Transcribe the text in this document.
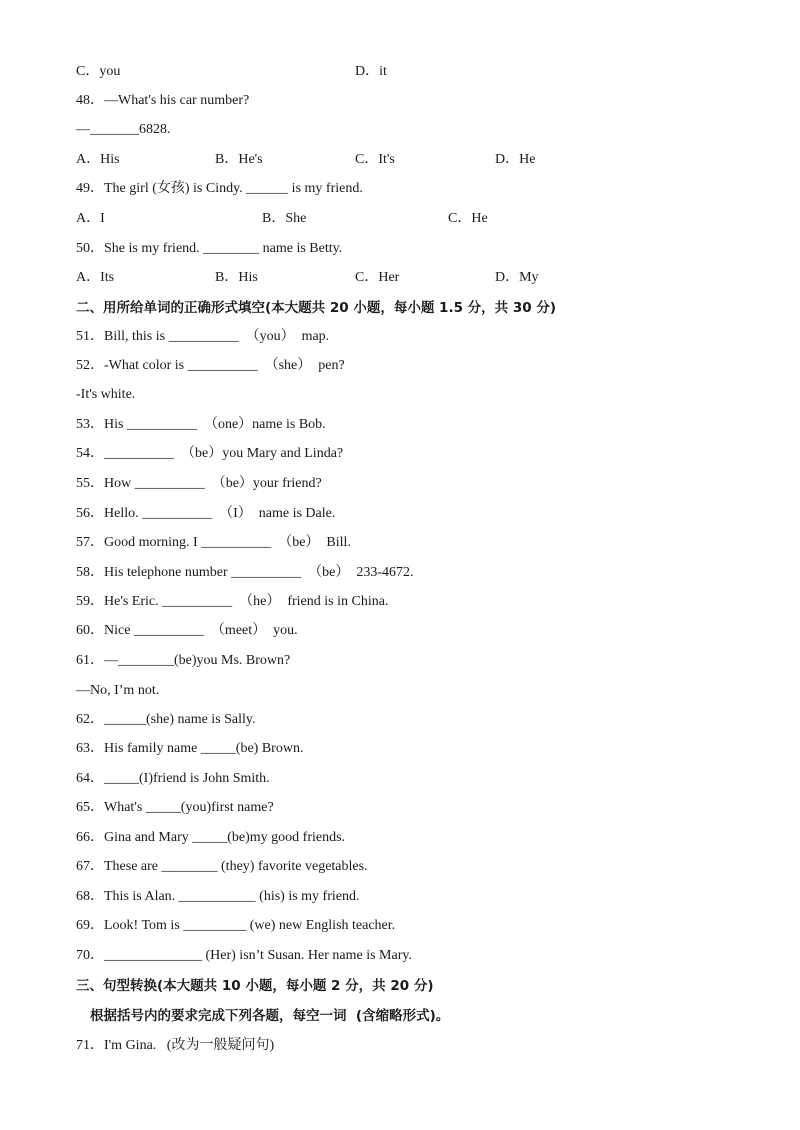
C．you	D．it
48．—What's his car number?
—_______6828.
A．His	B．He's	C．It's	D．He
49．The girl (女孩) is Cindy. ______ is my friend.
A．I	B．She	C．He
50．She is my friend. ________ name is Betty.
A．Its	B．His	C．Her	D．My
二、用所给单词的正确形式填空(本大题共 20 小题，每小题 1.5 分，共 30 分)
51．Bill, this is __________  （you）  map.
52．-What color is __________  （she）  pen?
-It's white.
53．His __________  （one）name is Bob.
54．__________  （be）you Mary and Linda?
55．How __________  （be）your friend?
56．Hello. __________  （I）  name is Dale.
57．Good morning. I __________  （be）  Bill.
58．His telephone number __________  （be）  233-4672.
59．He's Eric. __________  （he）  friend is in China.
60．Nice __________  （meet）  you.
61．—________(be)you Ms. Brown?
—No, I’m not.
62．______(she) name is Sally.
63．His family name _____(be) Brown.
64．_____(I)friend is John Smith.
65．What's _____(you)first name?
66．Gina and Mary _____(be)my good friends.
67．These are ________ (they) favorite vegetables.
68．This is Alan. ___________ (his) is my friend.
69．Look! Tom is _________ (we) new English teacher.
70．______________ (Her) isn’t Susan. Her name is Mary.
三、句型转换(本大题共 10 小题，每小题 2 分，共 20 分)
根据括号内的要求完成下列各题，每空一词  (含缩略形式)。
71．I'm Gina.   (改为一般疑问句)
